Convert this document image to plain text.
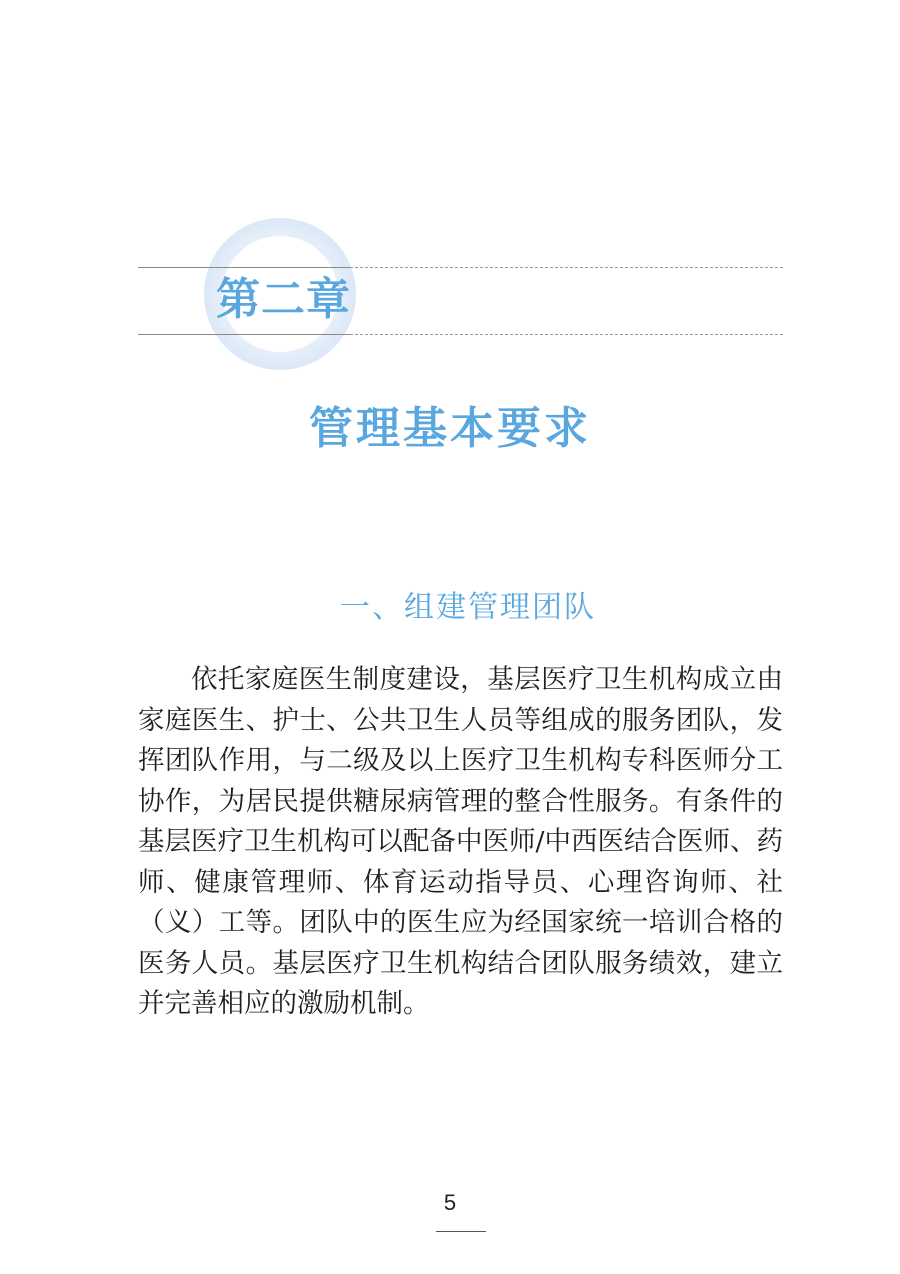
第二章
管理基本要求
一、组建管理团队
依托家庭医生制度建设，基层医疗卫生机构成立由家庭医生、护士、公共卫生人员等组成的服务团队，发挥团队作用，与二级及以上医疗卫生机构专科医师分工协作，为居民提供糖尿病管理的整合性服务。有条件的基层医疗卫生机构可以配备中医师/中西医结合医师、药师、健康管理师、体育运动指导员、心理咨询师、社（义）工等。团队中的医生应为经国家统一培训合格的医务人员。基层医疗卫生机构结合团队服务绩效，建立并完善相应的激励机制。
5
